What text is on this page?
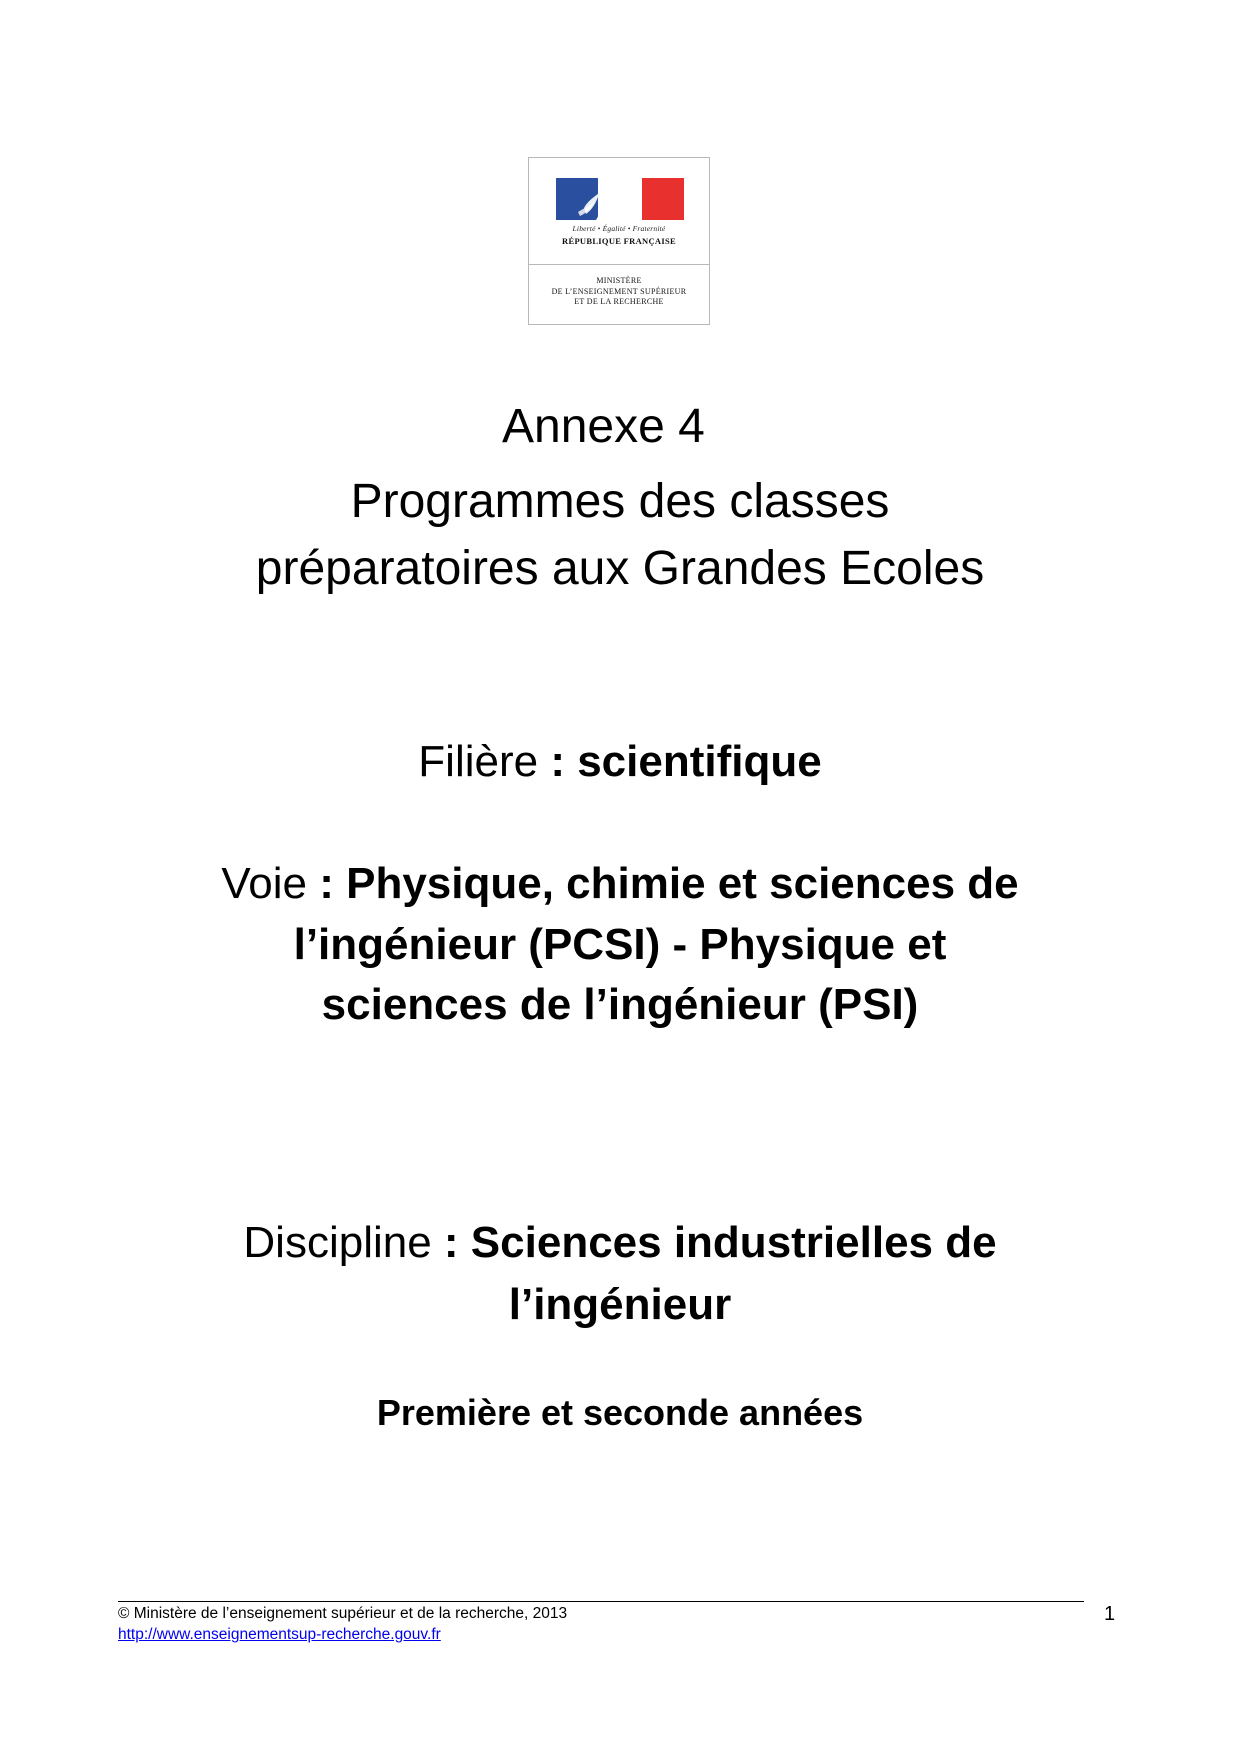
Liberté • Égalité • Fraternité
RÉPUBLIQUE FRANÇAISE
MINISTÈRE
DE L’ENSEIGNEMENT SUPÉRIEUR
ET DE LA RECHERCHE
Annexe 4
Programmes des classes
préparatoires aux Grandes Ecoles
Filière : scientifique
Voie : Physique, chimie et sciences de
l’ingénieur (PCSI) - Physique et
sciences de l’ingénieur (PSI)
Discipline : Sciences industrielles de
l’ingénieur
Première et seconde années
© Ministère de l’enseignement supérieur et de la recherche, 2013
http://www.enseignementsup-recherche.gouv.fr
1
